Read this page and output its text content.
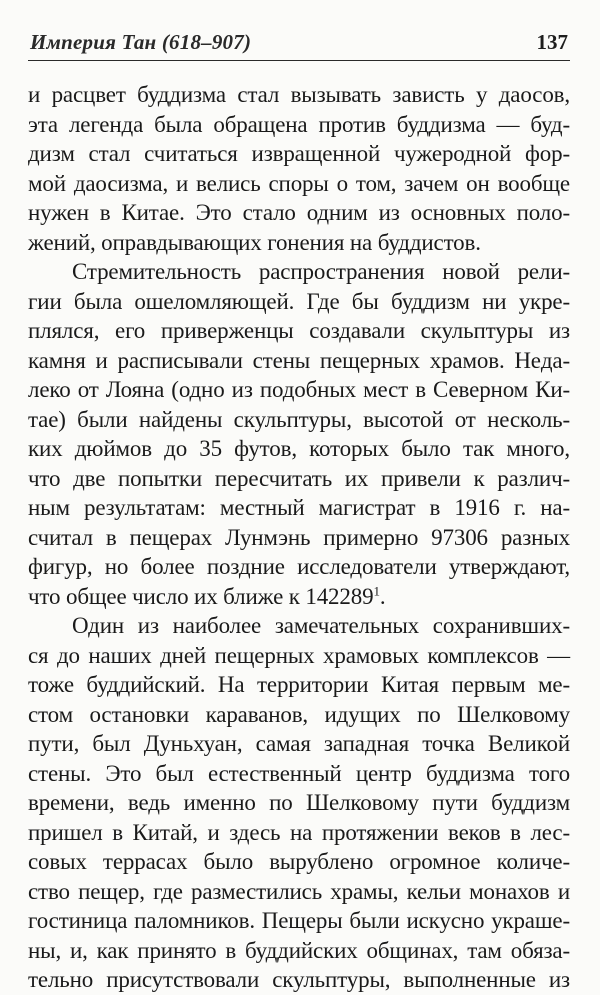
Империя Тан (618–907)	137
и расцвет буддизма стал вызывать зависть у даосов,
эта легенда была обращена против буддизма — буд-
дизм стал считаться извращенной чужеродной фор-
мой даосизма, и велись споры о том, зачем он вообще
нужен в Китае. Это стало одним из основных поло-
жений, оправдывающих гонения на буддистов.
Стремительность распространения новой рели-
гии была ошеломляющей. Где бы буддизм ни укре-
плялся, его приверженцы создавали скульптуры из
камня и расписывали стены пещерных храмов. Нeда-
леко от Лояна (одно из подобных мест в Северном Ки-
тае) были найдены скульптуры, высотой от несколь-
ких дюймов до 35 футов, которых было так много,
что две попытки пересчитать их привели к различ-
ным результатам: местный магистрат в 1916 г. на-
считал в пещерах Лунмэнь примерно 97306 разных
фигур, но более поздние исследователи утверждают,
что общее число их ближе к 142289$^1$.
Один из наиболее замечательных сохранивших-
ся до наших дней пещерных храмовых комплексов —
тоже буддийский. На территории Китая первым ме-
стом остановки караванов, идущих по Шелковому
пути, был Дуньхуан, самая западная точка Великой
стены. Это был естественный центр буддизма того
времени, ведь именно по Шелковому пути буддизм
пришел в Китай, и здесь на протяжении веков в лес-
совых террасах было вырублено огромное количе-
ство пещер, где разместились храмы, кельи монахов и
гостиница паломников. Пещеры были искусно украше-
ны, и, как принято в буддийских общинах, там обяза-
тельно присутствовали скульптуры, выполненные из
